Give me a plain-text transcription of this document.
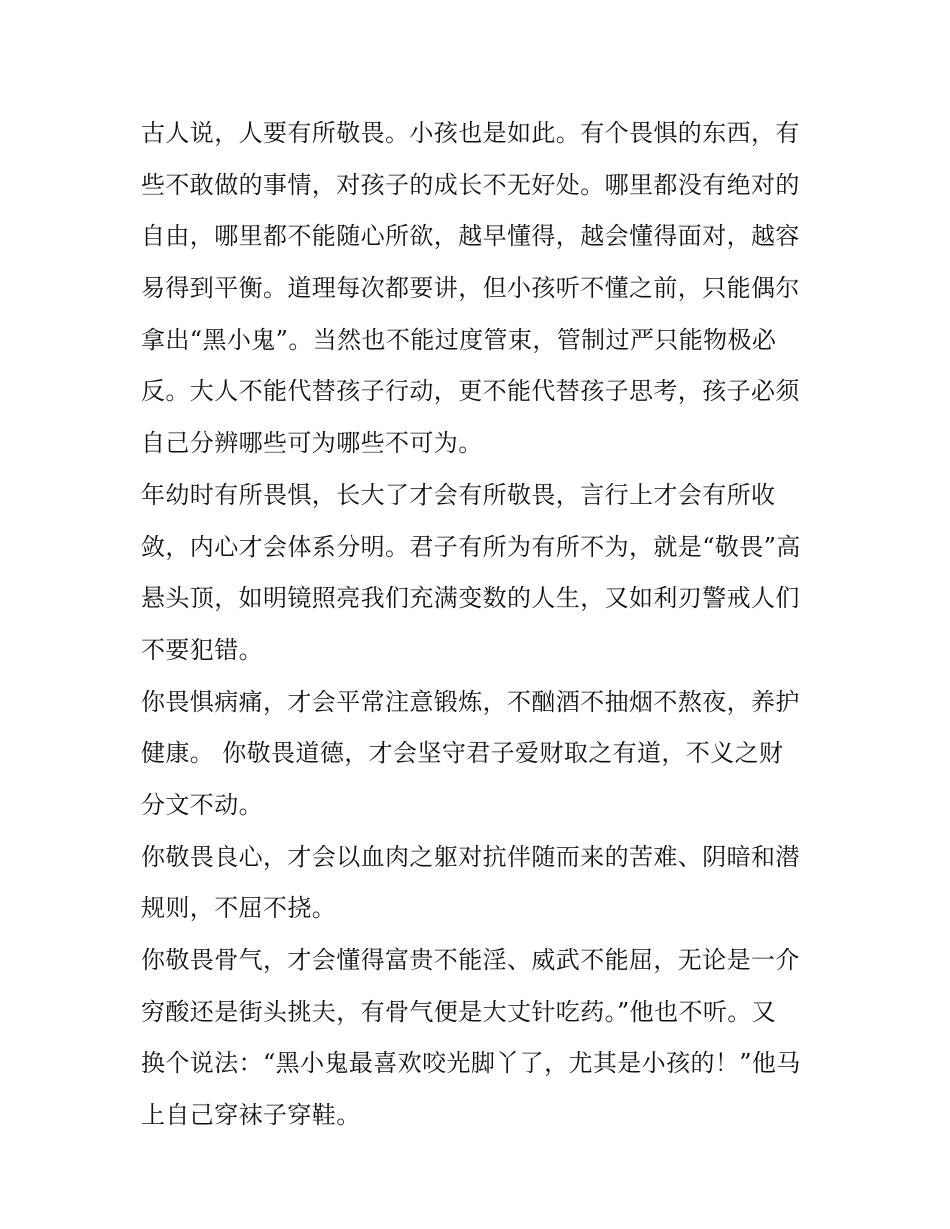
古人说，人要有所敬畏。小孩也是如此。有个畏惧的东西，有
些不敢做的事情，对孩子的成长不无好处。哪里都没有绝对的
自由，哪里都不能随心所欲，越早懂得，越会懂得面对，越容
易得到平衡。道理每次都要讲，但小孩听不懂之前，只能偶尔
拿出“黑小鬼”。当然也不能过度管束，管制过严只能物极必
反。大人不能代替孩子行动，更不能代替孩子思考，孩子必须
自己分辨哪些可为哪些不可为。
年幼时有所畏惧，长大了才会有所敬畏，言行上才会有所收
敛，内心才会体系分明。君子有所为有所不为，就是“敬畏”高
悬头顶，如明镜照亮我们充满变数的人生，又如利刃警戒人们
不要犯错。
你畏惧病痛，才会平常注意锻炼，不酗酒不抽烟不熬夜，养护
健康。 你敬畏道德，才会坚守君子爱财取之有道，不义之财
分文不动。
你敬畏良心，才会以血肉之躯对抗伴随而来的苦难、阴暗和潜
规则，不屈不挠。
你敬畏骨气，才会懂得富贵不能淫、威武不能屈，无论是一介
穷酸还是街头挑夫，有骨气便是大丈针吃药。”他也不听。又
换个说法：“黑小鬼最喜欢咬光脚丫了，尤其是小孩的！”他马
上自己穿袜子穿鞋。
